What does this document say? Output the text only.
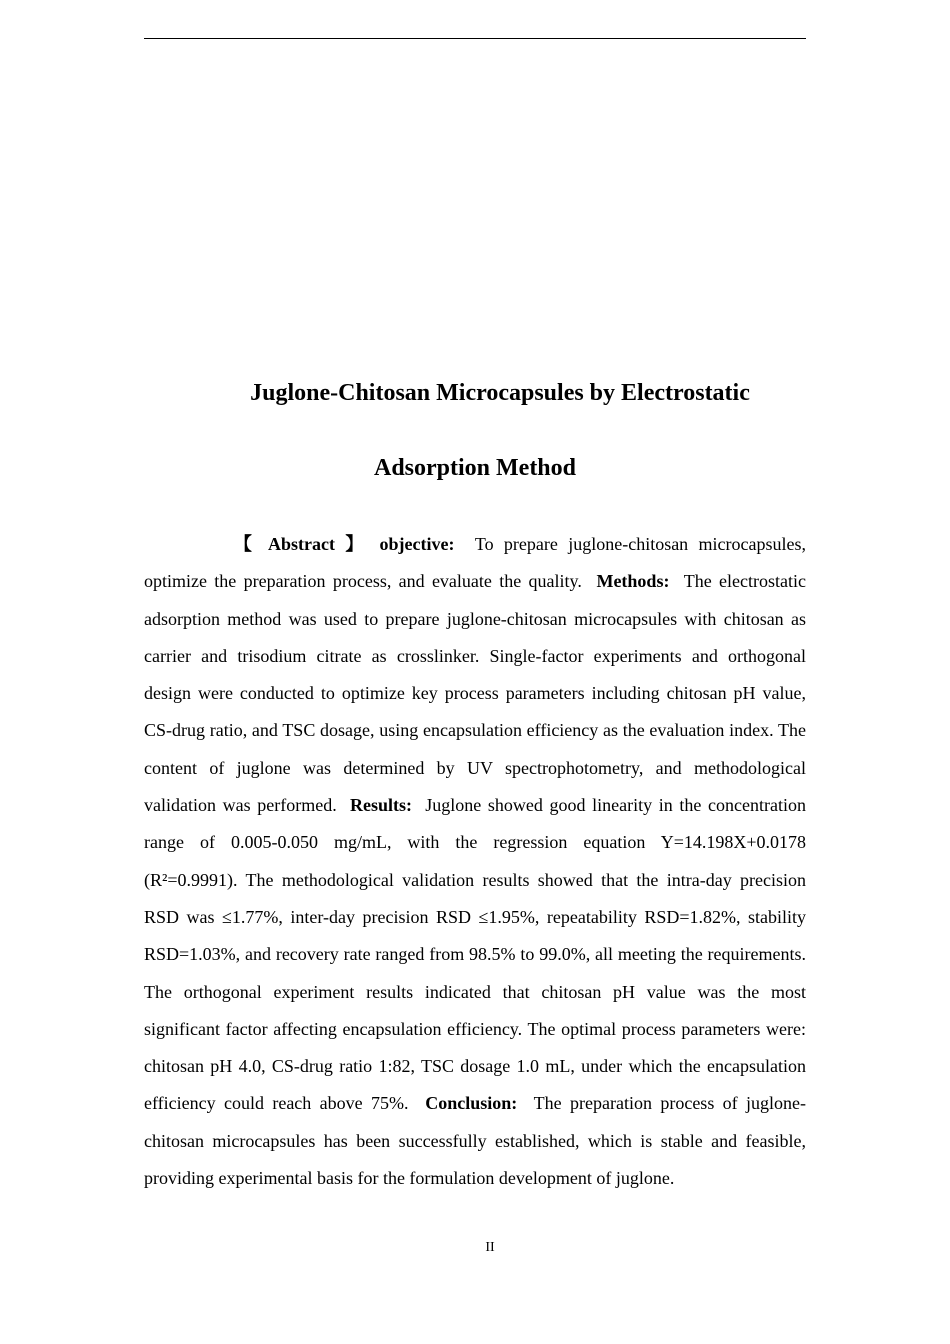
Juglone-Chitosan Microcapsules by Electrostatic
Adsorption Method

【 Abstract 】 objective: To prepare juglone-chitosan microcapsules, optimize the preparation process, and evaluate the quality. Methods: The electrostatic adsorption method was used to prepare juglone-chitosan microcapsules with chitosan as carrier and trisodium citrate as crosslinker. Single-factor experiments and orthogonal design were conducted to optimize key process parameters including chitosan pH value, CS-drug ratio, and TSC dosage, using encapsulation efficiency as the evaluation index. The content of juglone was determined by UV spectrophotometry, and methodological validation was performed. Results: Juglone showed good linearity in the concentration range of 0.005-0.050 mg/mL, with the regression equation Y=14.198X+0.0178 (R²=0.9991). The methodological validation results showed that the intra-day precision RSD was ≤1.77%, inter-day precision RSD ≤1.95%, repeatability RSD=1.82%, stability RSD=1.03%, and recovery rate ranged from 98.5% to 99.0%, all meeting the requirements. The orthogonal experiment results indicated that chitosan pH value was the most significant factor affecting encapsulation efficiency. The optimal process parameters were: chitosan pH 4.0, CS-drug ratio 1:82, TSC dosage 1.0 mL, under which the encapsulation efficiency could reach above 75%. Conclusion: The preparation process of juglone-chitosan microcapsules has been successfully established, which is stable and feasible, providing experimental basis for the formulation development of juglone.

II
